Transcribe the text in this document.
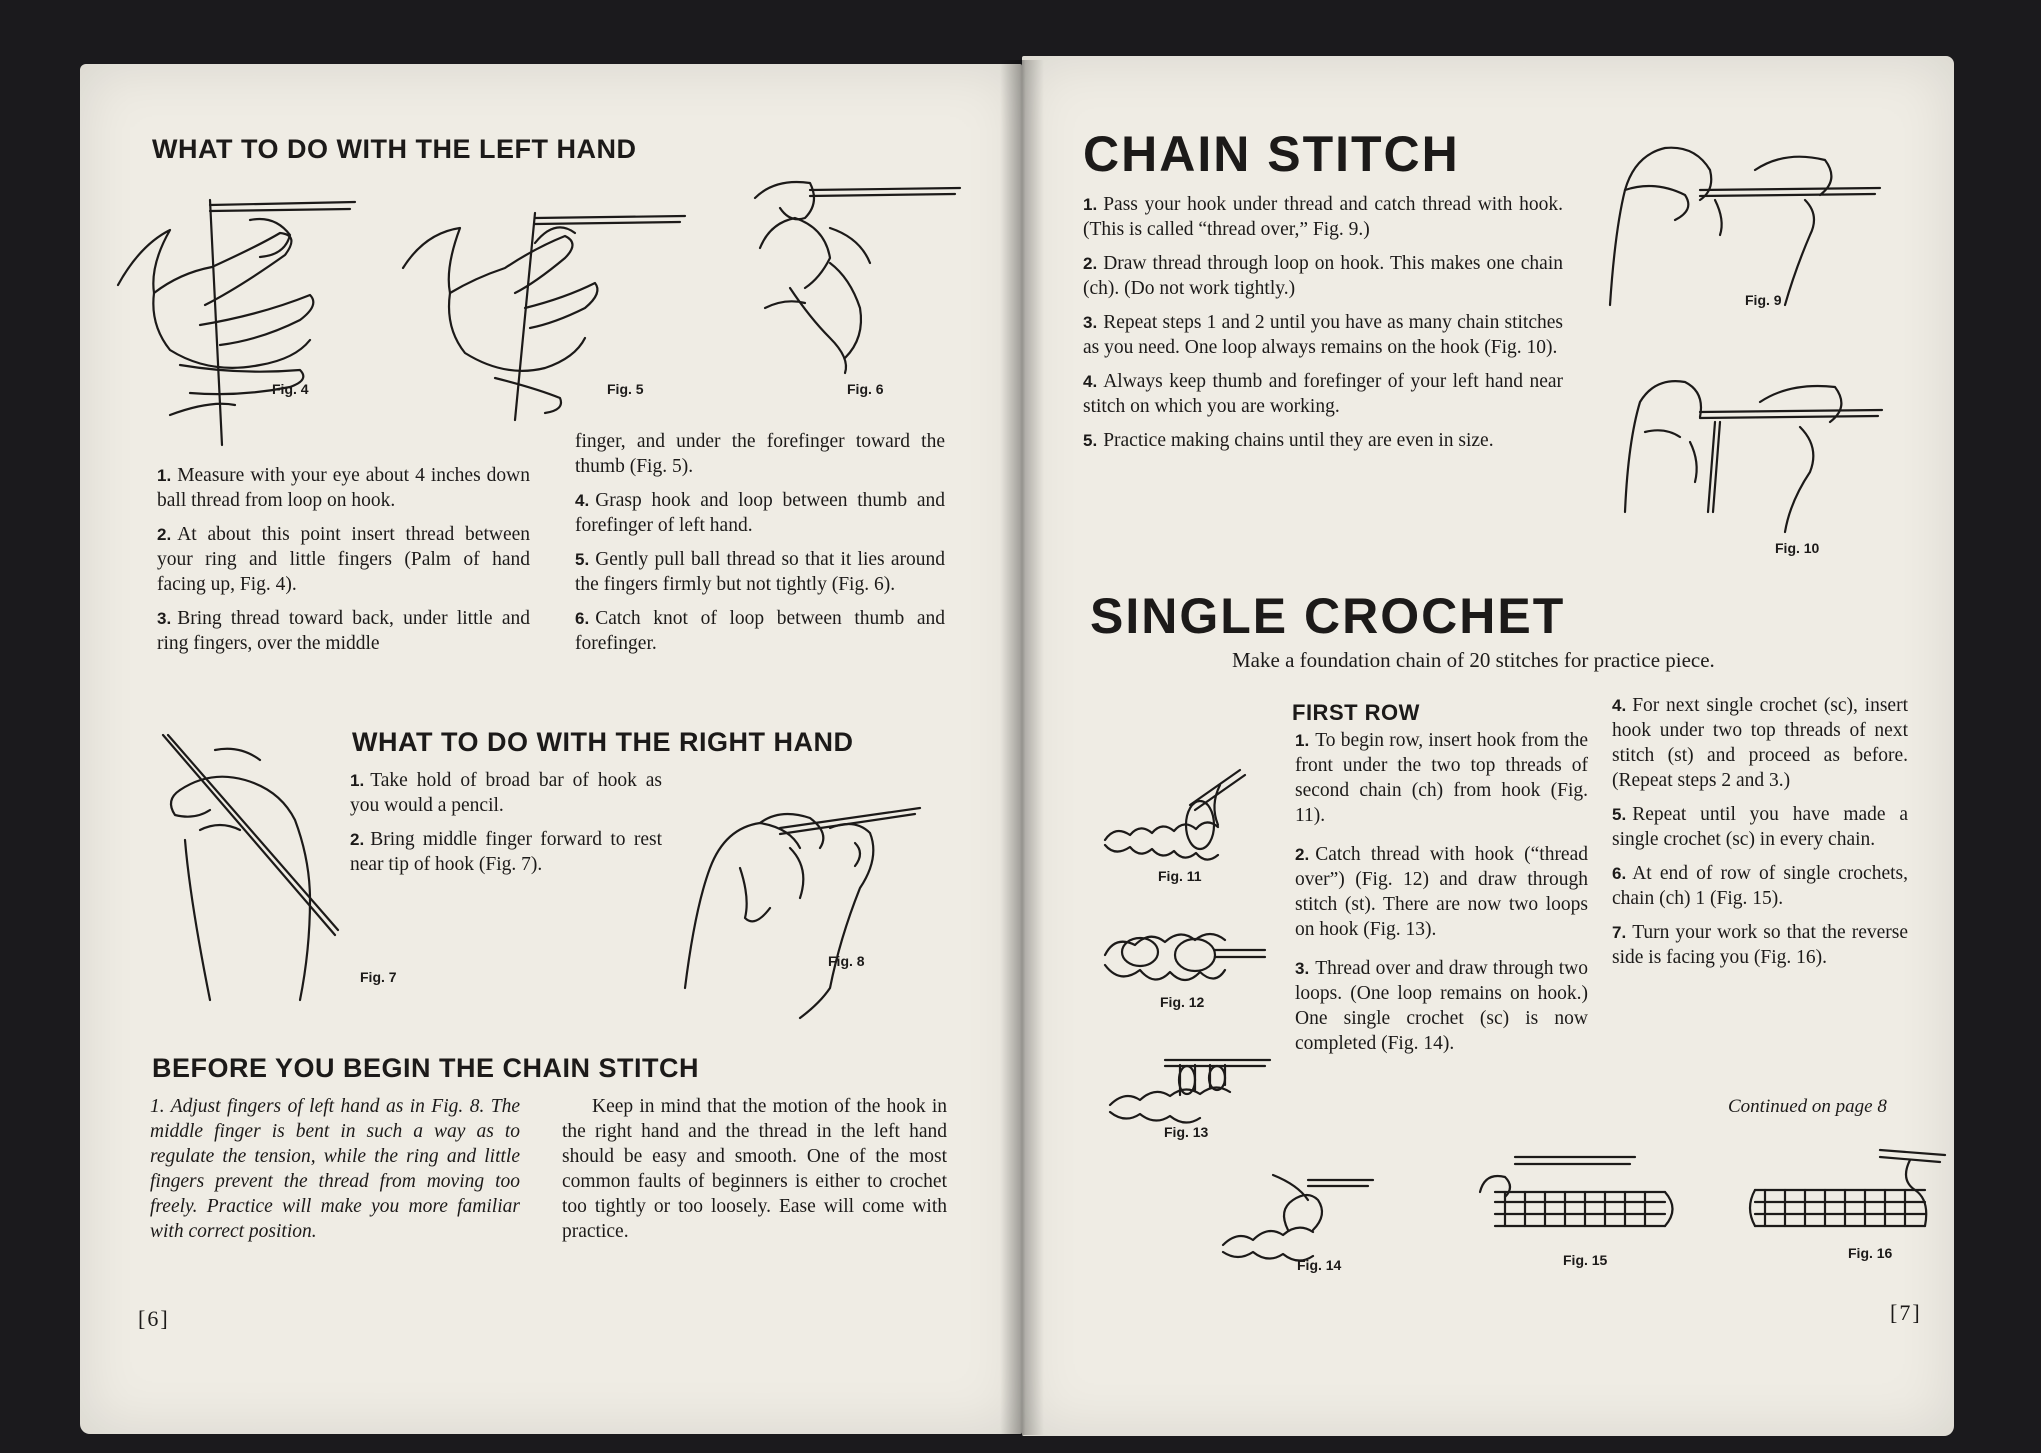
WHAT TO DO WITH THE LEFT HAND
Fig. 4	Fig. 5	Fig. 6

1. Measure with your eye about 4 inches down ball thread from loop on hook.

2. At about this point insert thread between your ring and little fingers (Palm of hand facing up, Fig. 4).

3. Bring thread toward back, under little and ring fingers, over the middle

finger, and under the forefinger toward the thumb (Fig. 5).

4. Grasp hook and loop between thumb and forefinger of left hand.

5. Gently pull ball thread so that it lies around the fingers firmly but not tightly (Fig. 6).

6. Catch knot of loop between thumb and forefinger.

WHAT TO DO WITH THE RIGHT HAND
Fig. 7

1. Take hold of broad bar of hook as you would a pencil.

2. Bring middle finger forward to rest near tip of hook (Fig. 7).

Fig. 8
BEFORE YOU BEGIN THE CHAIN STITCH

1. Adjust fingers of left hand as in Fig. 8. The middle finger is bent in such a way as to regulate the tension, while the ring and little fingers prevent the thread from moving too freely. Practice will make you more familiar with correct position.

Keep in mind that the motion of the hook in the right hand and the thread in the left hand should be easy and smooth. One of the most common faults of beginners is either to crochet too tightly or too loosely. Ease will come with practice.

[6]
CHAIN STITCH

1. Pass your hook under thread and catch thread with hook. (This is called “thread over,” Fig. 9.)

2. Draw thread through loop on hook. This makes one chain (ch). (Do not work tightly.)

3. Repeat steps 1 and 2 until you have as many chain stitches as you need. One loop always remains on the hook (Fig. 10).

4. Always keep thumb and forefinger of your left hand near stitch on which you are working.

5. Practice making chains until they are even in size.

Fig. 9
Fig. 10
SINGLE CROCHET

Make a foundation chain of 20 stitches for practice piece.

FIRST ROW

1. To begin row, insert hook from the front under the two top threads of second chain (ch) from hook (Fig. 11).

2. Catch thread with hook (“thread over”) (Fig. 12) and draw through stitch (st). There are now two loops on hook (Fig. 13).

3. Thread over and draw through two loops. (One loop remains on hook.) One single crochet (sc) is now completed (Fig. 14).

4. For next single crochet (sc), insert hook under two top threads of next stitch (st) and proceed as before. (Repeat steps 2 and 3.)

5. Repeat until you have made a single crochet (sc) in every chain.

6. At end of row of single crochets, chain (ch) 1 (Fig. 15).

7. Turn your work so that the reverse side is facing you (Fig. 16).

Continued on page 8

Fig. 11
Fig. 12
Fig. 13
Fig. 14	Fig. 15	Fig. 16
[7]
